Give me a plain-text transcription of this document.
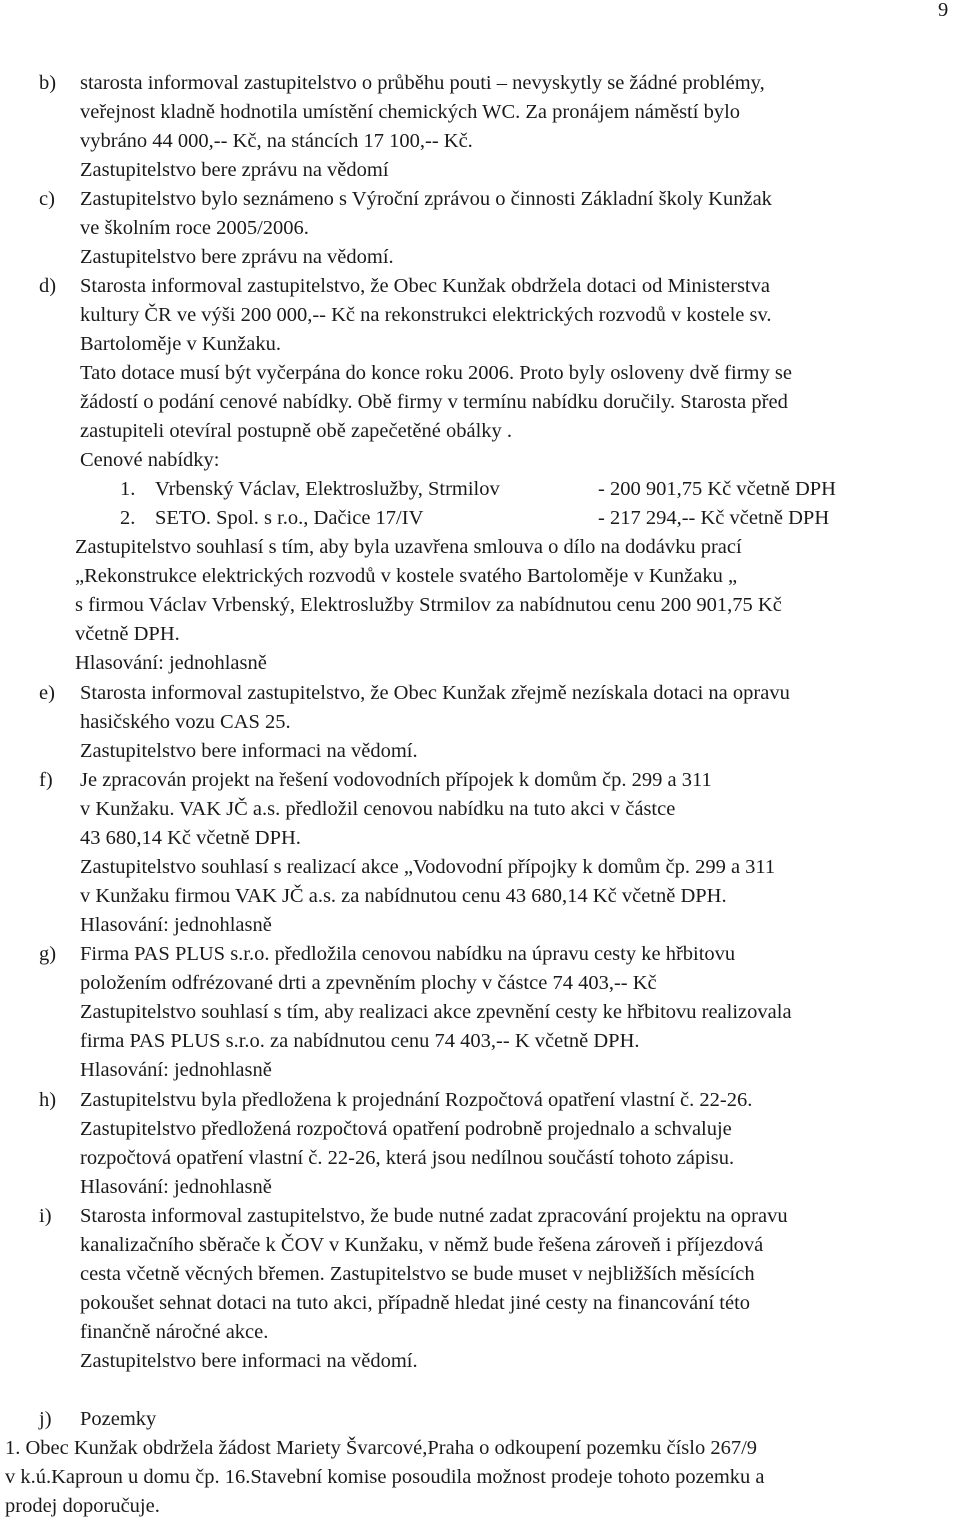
9
b) starosta informoval zastupitelstvo o průběhu pouti – nevyskytly se žádné problémy,
veřejnost kladně hodnotila umístění chemických WC. Za pronájem náměstí bylo
vybráno 44 000,-- Kč, na stáncích 17 100,-- Kč.
Zastupitelstvo bere zprávu na vědomí
c) Zastupitelstvo bylo seznámeno s Výroční zprávou o činnosti Základní školy Kunžak
ve školním roce 2005/2006.
Zastupitelstvo bere zprávu na vědomí.
d) Starosta informoval zastupitelstvo, že Obec Kunžak obdržela dotaci od Ministerstva
kultury ČR ve výši 200 000,-- Kč na rekonstrukci elektrických rozvodů v kostele sv.
Bartoloměje v Kunžaku.
Tato dotace musí být vyčerpána do konce roku 2006. Proto byly osloveny dvě firmy se
žádostí o podání cenové nabídky. Obě firmy v termínu nabídku doručily. Starosta před
zastupiteli otevíral postupně obě zapečetěné obálky .
Cenové nabídky:
1. Vrbenský Václav, Elektroslužby, Strmilov	- 200 901,75 Kč včetně DPH
2. SETO. Spol. s r.o., Dačice 17/IV	- 217 294,-- Kč včetně DPH
Zastupitelstvo souhlasí s tím, aby byla uzavřena smlouva o dílo na dodávku prací
„Rekonstrukce elektrických rozvodů v kostele svatého Bartoloměje v Kunžaku „
s firmou Václav Vrbenský, Elektroslužby Strmilov za nabídnutou cenu 200 901,75 Kč
včetně DPH.
Hlasování: jednohlasně
e) Starosta informoval zastupitelstvo, že Obec Kunžak zřejmě nezískala dotaci na opravu
hasičského vozu CAS 25.
Zastupitelstvo bere informaci na vědomí.
f) Je zpracován projekt na řešení vodovodních přípojek k domům čp. 299 a 311
v Kunžaku. VAK JČ a.s. předložil cenovou nabídku na tuto akci v částce
43 680,14 Kč včetně DPH.
Zastupitelstvo souhlasí s realizací akce „Vodovodní přípojky k domům čp. 299 a 311
v Kunžaku firmou VAK JČ a.s. za nabídnutou cenu 43 680,14 Kč včetně DPH.
Hlasování: jednohlasně
g) Firma PAS PLUS s.r.o. předložila cenovou nabídku na úpravu cesty ke hřbitovu
položením odfrézované drti a zpevněním plochy v částce 74 403,-- Kč
Zastupitelstvo souhlasí s tím, aby realizaci akce zpevnění cesty ke hřbitovu realizovala
firma PAS PLUS s.r.o. za nabídnutou cenu 74 403,-- K včetně DPH.
Hlasování: jednohlasně
h) Zastupitelstvu byla předložena k projednání Rozpočtová opatření vlastní č. 22-26.
Zastupitelstvo předložená rozpočtová opatření podrobně projednalo a schvaluje
rozpočtová opatření vlastní č. 22-26, která jsou nedílnou součástí tohoto zápisu.
Hlasování: jednohlasně
i) Starosta informoval zastupitelstvo, že bude nutné zadat zpracování projektu na opravu
kanalizačního sběrače k ČOV v Kunžaku, v němž bude řešena zároveň i příjezdová
cesta včetně věcných břemen. Zastupitelstvo se bude muset v nejbližších měsících
pokoušet sehnat dotaci na tuto akci, případně hledat jiné cesty na financování této
finančně náročné akce.
Zastupitelstvo bere informaci na vědomí.
j) Pozemky
1. Obec Kunžak obdržela žádost Mariety Švarcové,Praha o odkoupení pozemku číslo 267/9
v k.ú.Kaproun u domu čp. 16.Stavební komise posoudila možnost prodeje tohoto pozemku a
prodej doporučuje.
